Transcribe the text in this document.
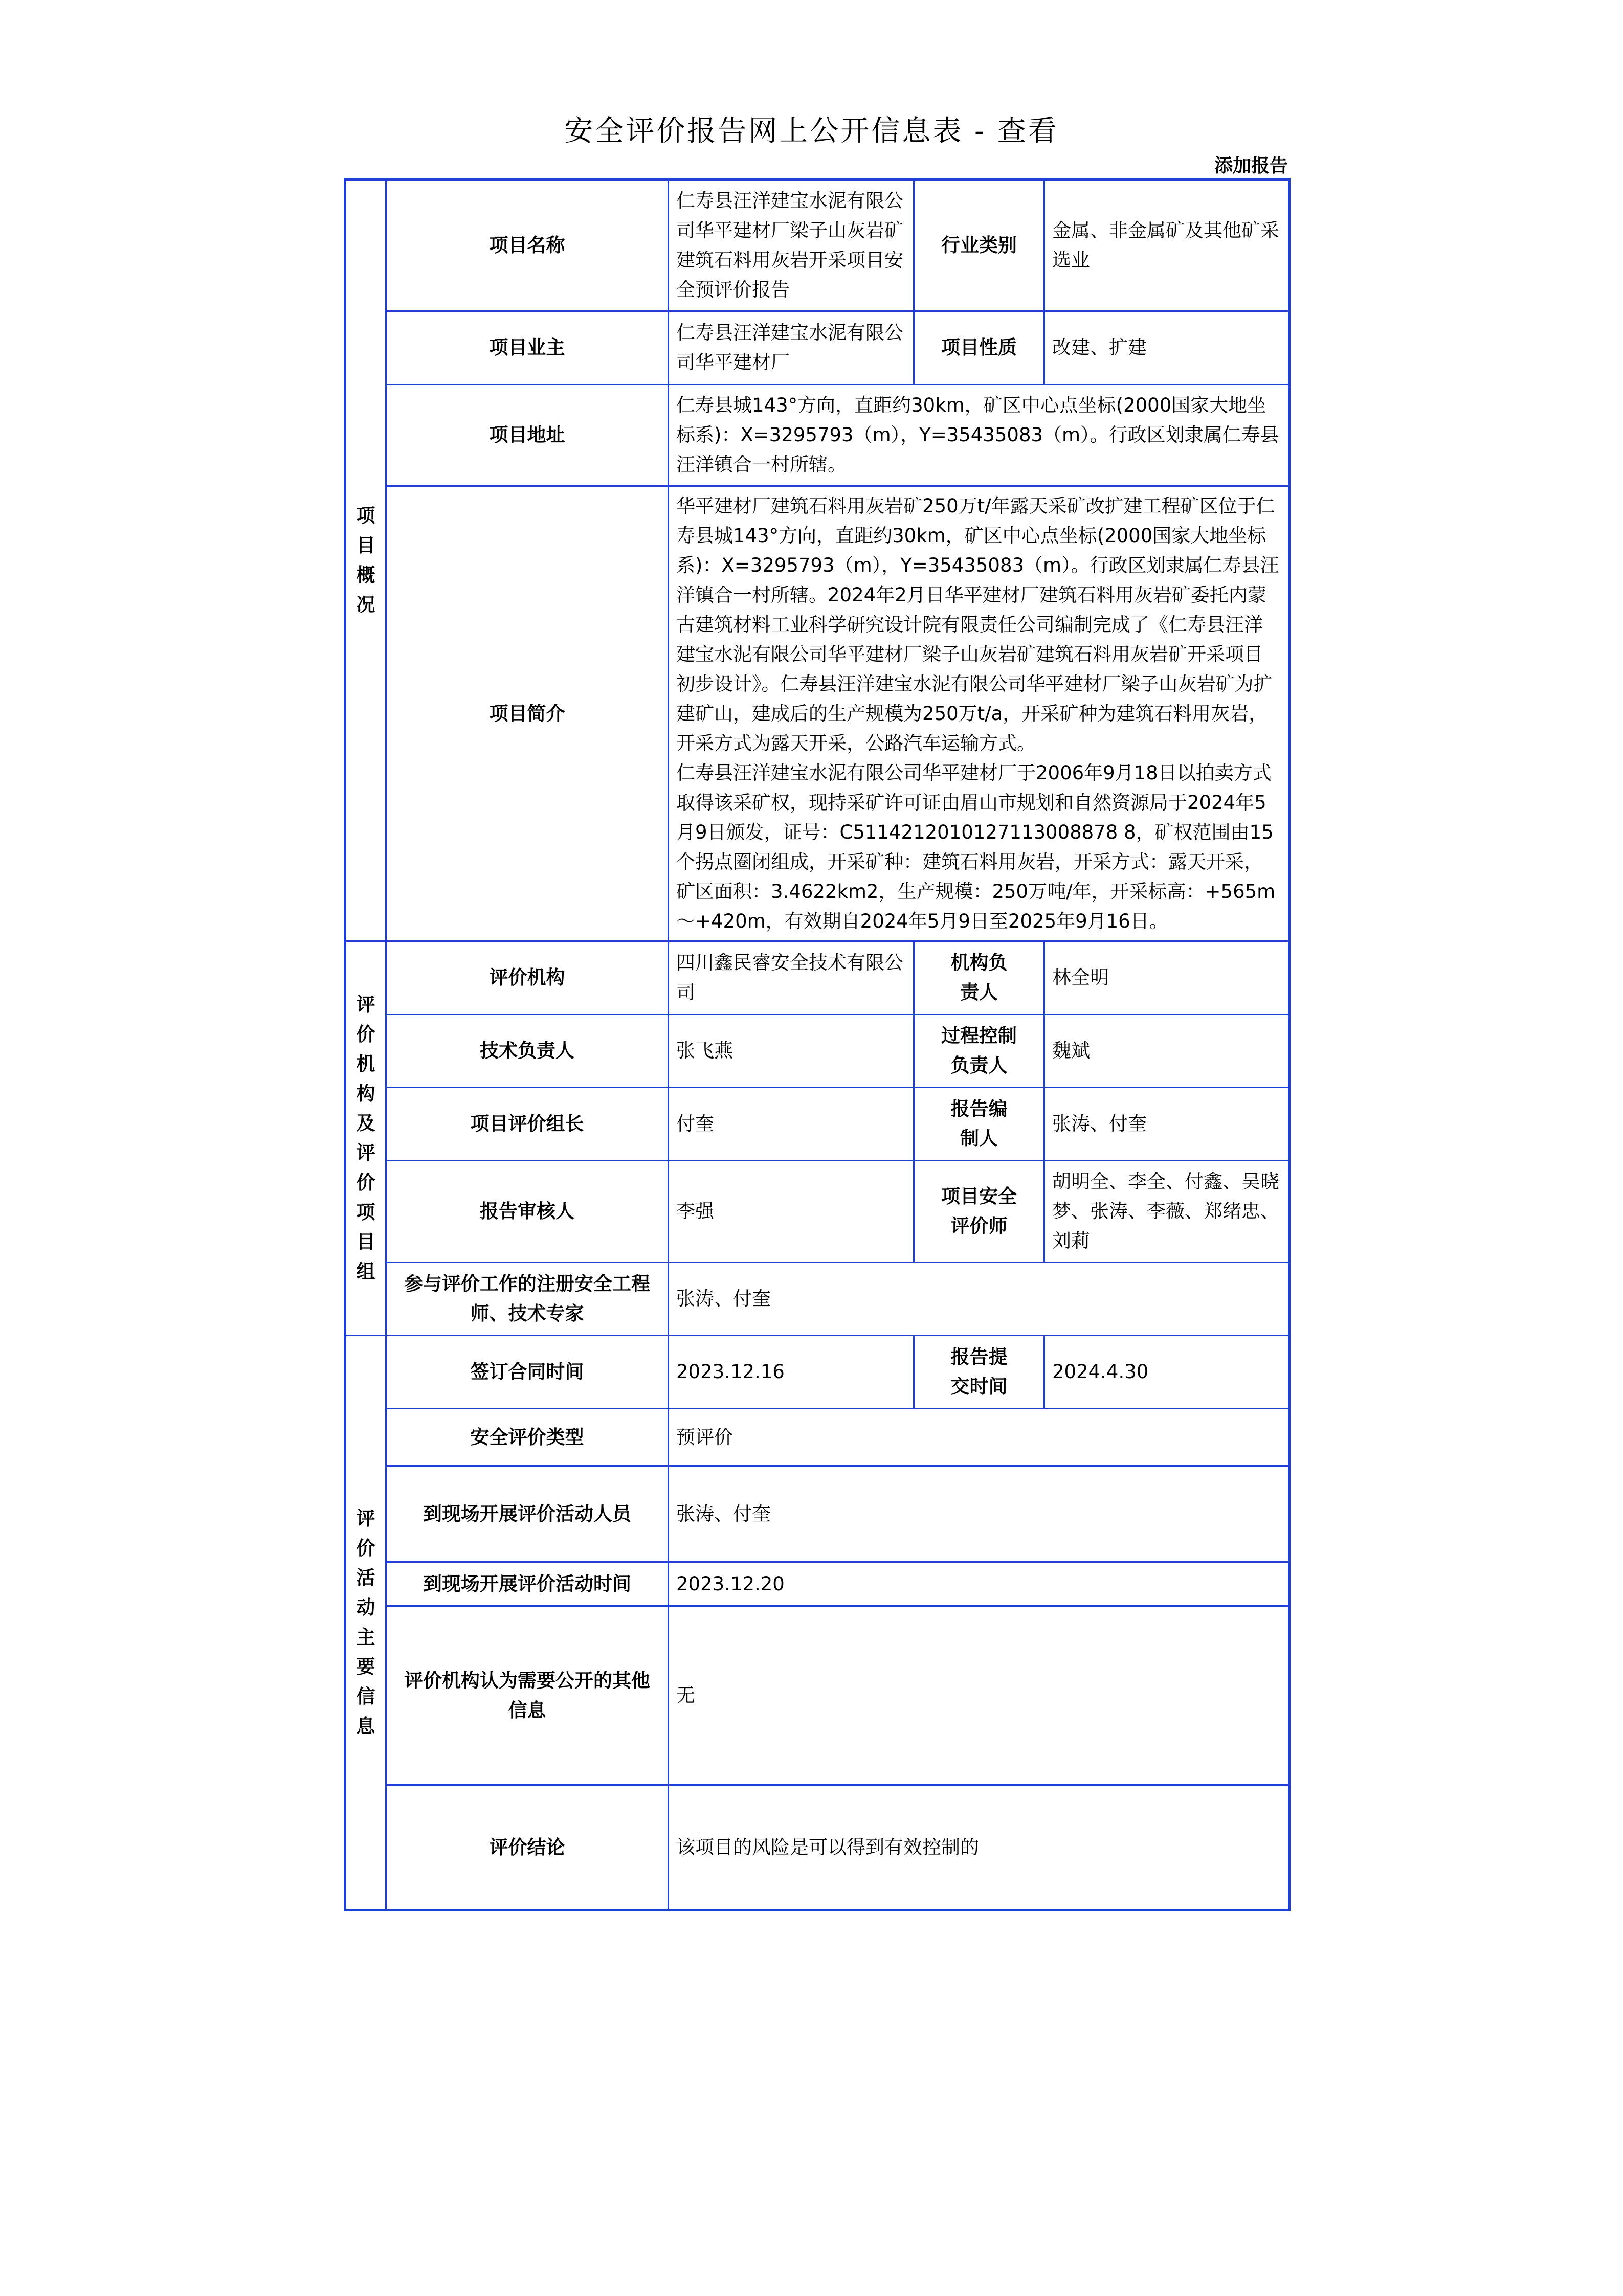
安全评价报告网上公开信息表 - 查看
添加报告
项目概况	项目名称	仁寿县汪洋建宝水泥有限公司华平建材厂梁子山灰岩矿建筑石料用灰岩开采项目安全预评价报告	行业类别	金属、非金属矿及其他矿采选业
	项目业主	仁寿县汪洋建宝水泥有限公司华平建材厂	项目性质	改建、扩建
	项目地址	仁寿县城143°方向，直距约30km，矿区中心点坐标(2000国家大地坐标系)：X=3295793（m），Y=35435083（m）。行政区划隶属仁寿县汪洋镇合一村所辖。		
	项目简介	华平建材厂建筑石料用灰岩矿250万t/年露天采矿改扩建工程矿区位于仁寿县城143°方向，直距约30km，矿区中心点坐标(2000国家大地坐标系)：X=3295793（m），Y=35435083（m）。行政区划隶属仁寿县汪洋镇合一村所辖。2024年2月日华平建材厂建筑石料用灰岩矿委托内蒙古建筑材料工业科学研究设计院有限责任公司编制完成了《仁寿县汪洋建宝水泥有限公司华平建材厂梁子山灰岩矿建筑石料用灰岩矿开采项目初步设计》。仁寿县汪洋建宝水泥有限公司华平建材厂梁子山灰岩矿为扩建矿山，建成后的生产规模为250万t/a，开采矿种为建筑石料用灰岩，开采方式为露天开采，公路汽车运输方式。

仁寿县汪洋建宝水泥有限公司华平建材厂于2006年9月18日以拍卖方式取得该采矿权，现持采矿许可证由眉山市规划和自然资源局于2024年5月9日颁发，证号：C5114212010127113008878 8，矿权范围由15个拐点圈闭组成，开采矿种：建筑石料用灰岩，开采方式：露天开采，矿区面积：3.4622km2，生产规模：250万吨/年，开采标高：+565m～+420m，有效期自2024年5月9日至2025年9月16日。		

评价机构及评价项目组	评价机构	四川鑫民睿安全技术有限公司	机构负责人	林全明
	技术负责人	张飞燕	过程控制负责人	魏斌
	项目评价组长	付奎	报告编制人	张涛、付奎
	报告审核人	李强	项目安全评价师	胡明全、李全、付鑫、吴晓梦、张涛、李薇、郑绪忠、刘莉
	参与评价工作的注册安全工程师、技术专家	张涛、付奎		

评价活动主要信息	签订合同时间	2023.12.16	报告提交时间	2024.4.30
	安全评价类型	预评价		
	到现场开展评价活动人员	张涛、付奎		
	到现场开展评价活动时间	2023.12.20		
	评价机构认为需要公开的其他信息	无		
	评价结论	该项目的风险是可以得到有效控制的		
